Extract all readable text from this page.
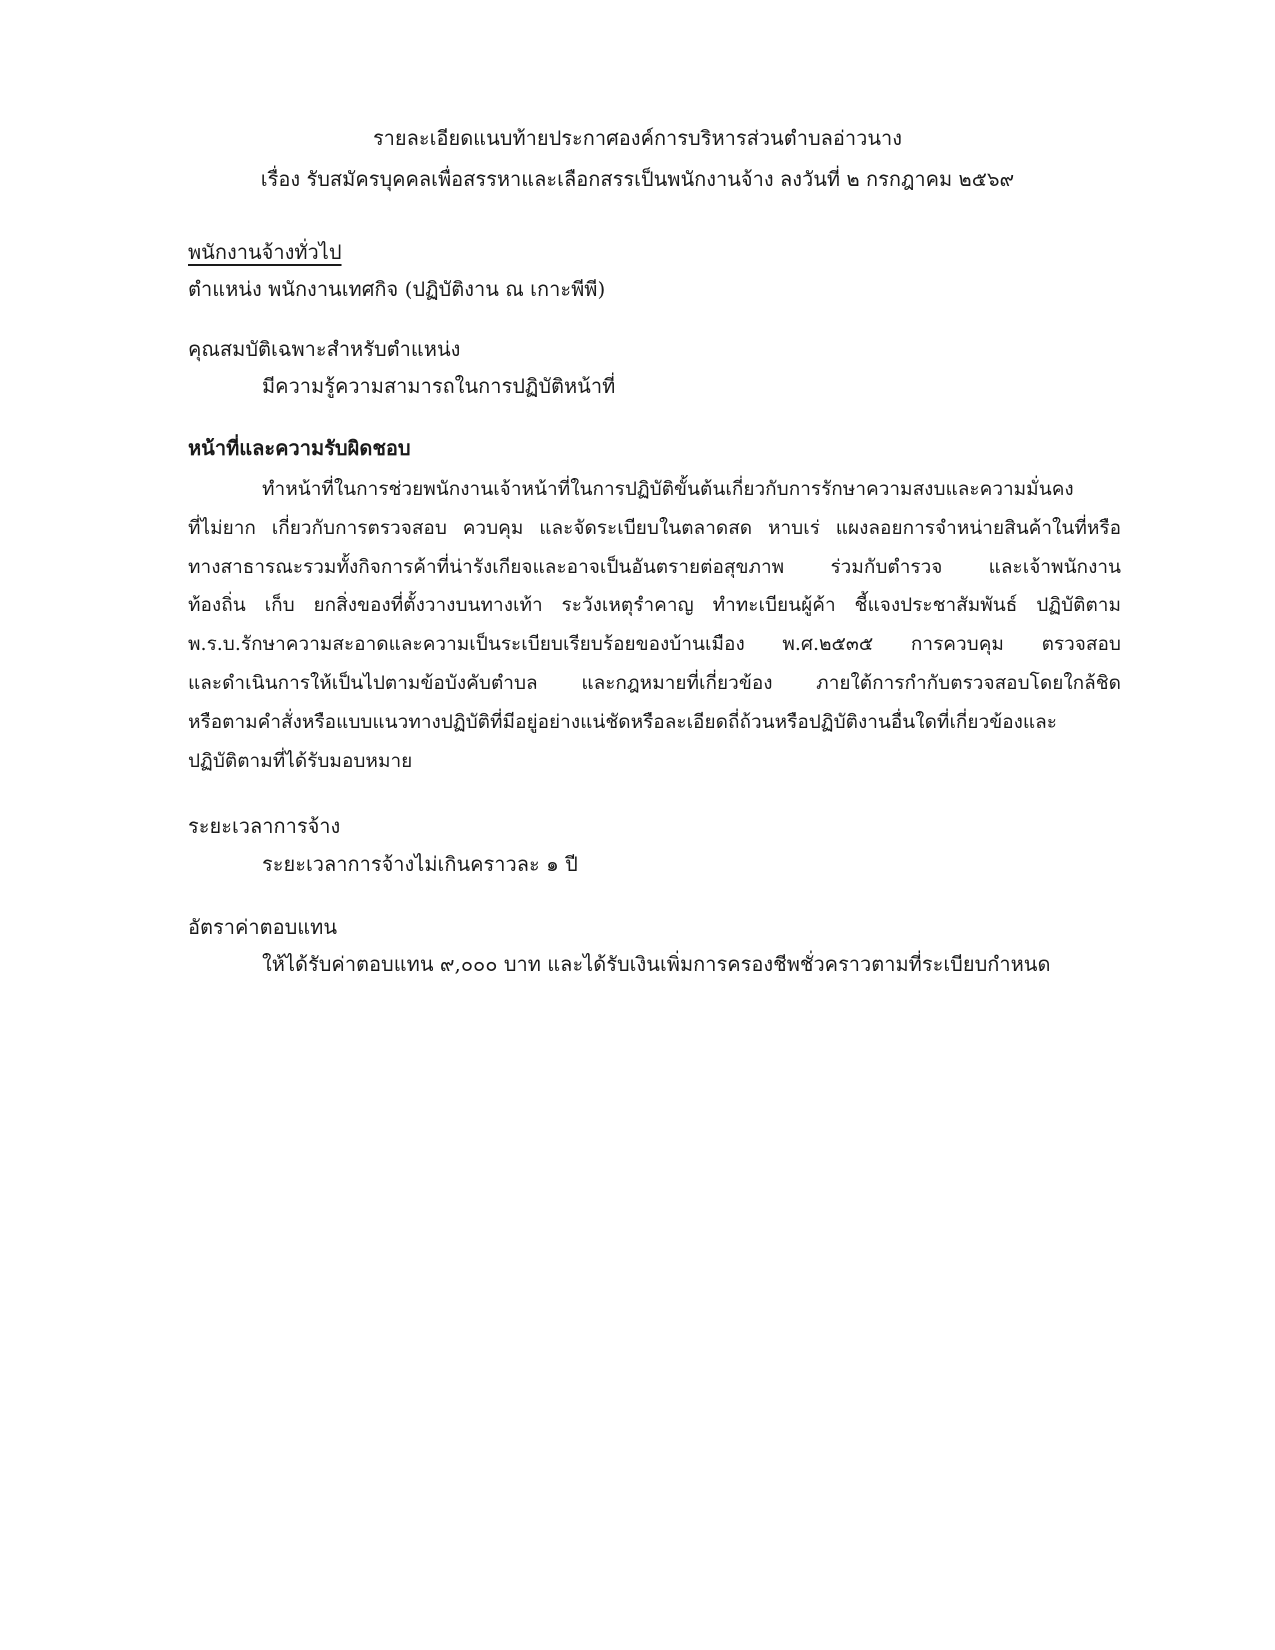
รายละเอียดแนบท้ายประกาศองค์การบริหารส่วนตำบลอ่าวนาง
เรื่อง รับสมัครบุคคลเพื่อสรรหาและเลือกสรรเป็นพนักงานจ้าง ลงวันที่ ๒ กรกฎาคม ๒๕๖๙
พนักงานจ้างทั่วไป
ตำแหน่ง พนักงานเทศกิจ (ปฏิบัติงาน ณ เกาะพีพี)
คุณสมบัติเฉพาะสำหรับตำแหน่ง
มีความรู้ความสามารถในการปฏิบัติหน้าที่
หน้าที่และความรับผิดชอบ
ทำหน้าที่ในการช่วยพนักงานเจ้าหน้าที่ในการปฏิบัติขั้นต้นเกี่ยวกับการรักษาความสงบและความมั่นคง
ที่ไม่ยาก เกี่ยวกับการตรวจสอบ ควบคุม และจัดระเบียบในตลาดสด หาบเร่ แผงลอยการจำหน่ายสินค้าในที่หรือ
ทางสาธารณะรวมทั้งกิจการค้าที่น่ารังเกียจและอาจเป็นอันตรายต่อสุขภาพ ร่วมกับตำรวจ และเจ้าพนักงาน
ท้องถิ่น เก็บ ยกสิ่งของที่ตั้งวางบนทางเท้า ระวังเหตุรำคาญ ทำทะเบียนผู้ค้า ชี้แจงประชาสัมพันธ์ ปฏิบัติตาม
พ.ร.บ.รักษาความสะอาดและความเป็นระเบียบเรียบร้อยของบ้านเมือง พ.ศ.๒๕๓๕ การควบคุม ตรวจสอบ
และดำเนินการให้เป็นไปตามข้อบังคับตำบล และกฎหมายที่เกี่ยวข้อง ภายใต้การกำกับตรวจสอบโดยใกล้ชิด
หรือตามคำสั่งหรือแบบแนวทางปฏิบัติที่มีอยู่อย่างแน่ชัดหรือละเอียดถี่ถ้วนหรือปฏิบัติงานอื่นใดที่เกี่ยวข้องและ
ปฏิบัติตามที่ได้รับมอบหมาย
ระยะเวลาการจ้าง
ระยะเวลาการจ้างไม่เกินคราวละ ๑ ปี
อัตราค่าตอบแทน
ให้ได้รับค่าตอบแทน ๙,๐๐๐ บาท และได้รับเงินเพิ่มการครองชีพชั่วคราวตามที่ระเบียบกำหนด
